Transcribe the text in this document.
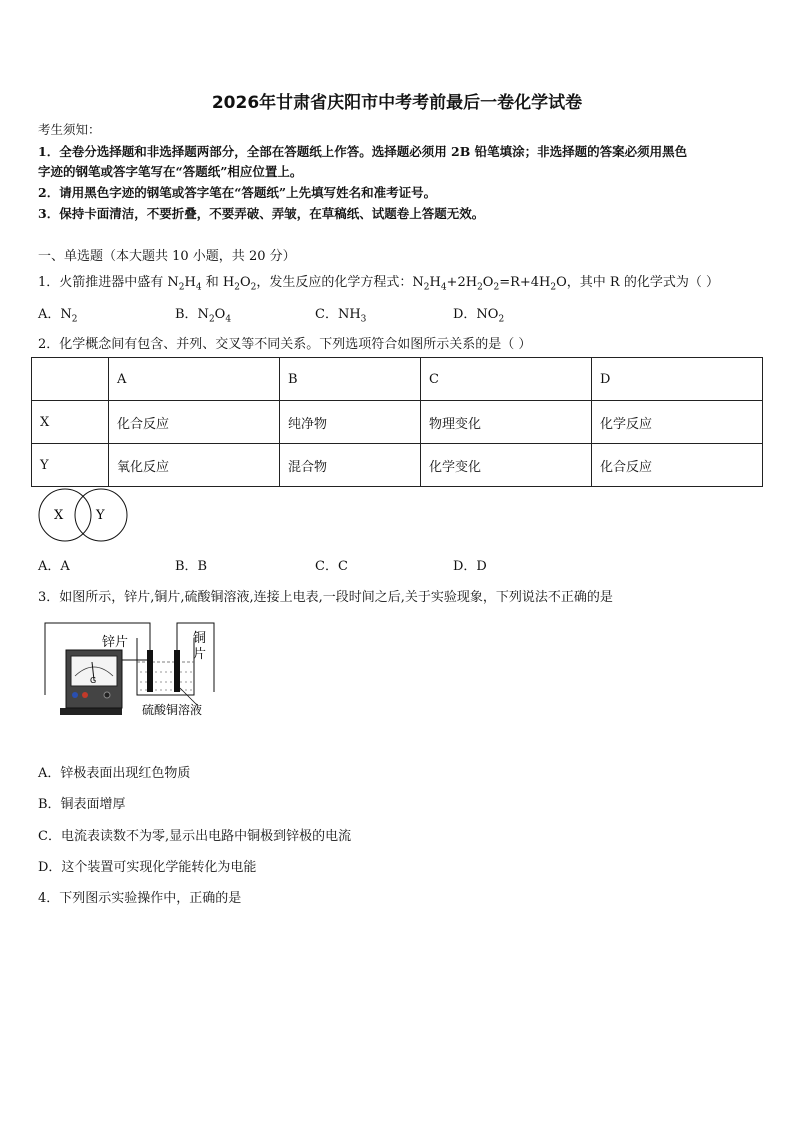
2026年甘肃省庆阳市中考考前最后一卷化学试卷
考生须知：
1．全卷分选择题和非选择题两部分，全部在答题纸上作答。选择题必须用 2B 铅笔填涂；非选择题的答案必须用黑色
字迹的钢笔或答字笔写在“答题纸”相应位置上。
2．请用黑色字迹的钢笔或答字笔在“答题纸”上先填写姓名和准考证号。
3．保持卡面清洁，不要折叠，不要弄破、弄皱，在草稿纸、试题卷上答题无效。
一、单选题（本大题共 10 小题，共 20 分）
1．火箭推进器中盛有 $N_2H_4$ 和 $H_2O_2$，发生反应的化学方程式：$N_2H_4+2H_2O_2=R+4H_2O$，其中 R 的化学式为（ ）
A．$N_2$	B．$N_2O_4$	C．$NH_3$	D．$NO_2$
2．化学概念间有包含、并列、交叉等不同关系。下列选项符合如图所示关系的是（ ）
	A	B	C	D
X	化合反应	纯净物	物理变化	化学反应
Y	氧化反应	混合物	化学变化	化合反应
X	Y
A．A	B．B	C．C	D．D
3．如图所示，锌片,铜片,硫酸铜溶液,连接上电表,一段时间之后,关于实验现象，下列说法不正确的是
G
锌片	铜
片
硫酸铜溶液
A．锌极表面出现红色物质
B．铜表面增厚
C．电流表读数不为零,显示出电路中铜极到锌极的电流
D．这个装置可实现化学能转化为电能
4．下列图示实验操作中，正确的是
